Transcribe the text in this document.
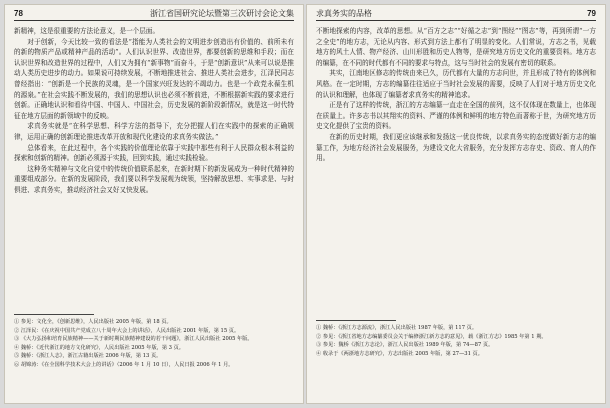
78	浙江省国研究论坛暨第三次研讨会论文集

新精神，这是很重要的方法论意义，是一个层面。

对于创新，今天比较一致的看法是“指能为人类社会的文明进步创造出有价值的、前所未有的新的物质产品或精神产品的活动”。人们认识世界、改造世界，都要创新的思维和手段；而在认识世界和改造世界的过程中，人们又为拥有“新事物”而奋斗，于是“创新意识”从来可以说是推动人类历史进步的动力。如果说可持续发展，不断地推进社会、推进人类社会进步，江泽民同志曾经指出：“创新是一个民族的灵魂，是一个国家兴旺发达的不竭动力。也是一个政党永葆生机的源泉。”在社会实践不断发展的，我们的思想认识也必须不断前进，不断根据新实践的要求进行创新。正确地认识和看待中国、中国人、中国社会，历史发展的新阶段新情况，就是这一时代特征在地方层面的新领域中的反映。

求真务实就是“在科学思想、科学方法的指导下，充分把握人们在实践中的探索的正确规律，运用正确的创新理论推进改革开放和现代化建设的求真务实做法。”

总体看来，在此过程中，各个实践的价值理论依靠于实践中那些有利于人民群众根本利益的探索和创新的精神。创新必须源于实践，回到实践，通过实践检验。

这种务实精神与文化自觉中的传统价值联系起来，在新时期下的新发展成为一种时代精神的重要组成部分。在新的发展阶段，我们要以科学发展观为统领，坚持解放思想、实事求是、与时俱进、求真务实，推动经济社会又好又快发展。

① 参见：文化全，《创新思维》，人民出版社 2005 年版，第 18 页。
② 江泽民：《在庆祝中国共产党成立八十周年大会上的讲话》，人民出版社 2001 年版，第 15 页。
③ 《大力弘扬和培育民族精神——关于新时期民族精神建设的若干问题》，浙江人民出版社 2005 年版。
④ 魏桥：《近代浙江的地方文化研究》，人民出版社 2005 年版，第 3 页。
⑤ 魏桥：《浙江人志》，浙江古籍出版社 2006 年版，第 13 页。
⑥ 胡锦涛：《在全国科学技术大会上的讲话》（2006 年 1 月 10 日），人民日报 2006 年 1 月。
求真务实的品格	79

不断地探索的内容，改革的思想。从“百方之志”“好循之志”到“图经”“图志”等，再到所谓“一方之全史”的地方志，无论从内容、形式到方法上都有了明显的变化。人们常说，方志之书，见载地方的风土人情、物产经济、山川形胜和历史人物等，是研究地方历史文化的重要资料。地方志的编纂，在不同的时代都有不同的要求与特点，这与当时社会的发展有密切的联系。

其实，江南地区修志的传统由来已久，历代都有大量的方志问世，并且形成了特有的体例和风格。在一定时期，方志的编纂往往适应于当时社会发展的需要，反映了人们对于地方历史文化的认识和理解，也体现了编纂者求真务实的精神追求。

正是有了这样的传统，浙江的方志编纂一直走在全国的前列，这不仅体现在数量上，也体现在质量上。许多志书以其翔实的资料、严谨的体例和鲜明的地方特色而著称于世，为研究地方历史文化提供了宝贵的资料。

在新的历史时期，我们更应该继承和发扬这一优良传统，以求真务实的态度做好新方志的编纂工作，为地方经济社会发展服务，为建设文化大省服务，充分发挥方志存史、资政、育人的作用。

① 魏桥：《浙江方志源流》，浙江人民出版社 1987 年版，第 117 页。
② 参见：《浙江省地方志编纂委员会关于编修浙江新方志的意见》，载《浙江方志》1985 年第 1 期。
③ 参见：魏桥《浙江方志论》，浙江人民出版社 1989 年版，第 74—87 页。
④ 收录于《两浙地方志研究》，方志出版社 2005 年版，第 27—31 页。
